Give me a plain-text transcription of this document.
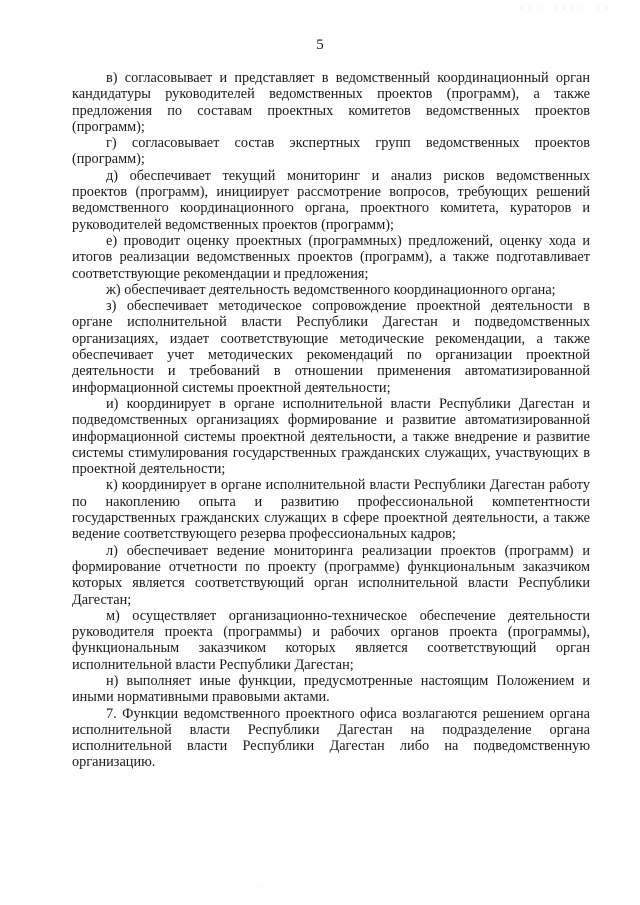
· · ·   · · · ·   · ·
5

в) согласовывает и представляет в ведомственный координационный орган кандидатуры руководителей ведомственных проектов (программ), а также предложения по составам проектных комитетов ведомственных проектов (программ);

г) согласовывает состав экспертных групп ведомственных проектов (программ);

д) обеспечивает текущий мониторинг и анализ рисков ведомственных проектов (программ), инициирует рассмотрение вопросов, требующих решений ведомственного координационного органа, проектного комитета, кураторов и руководителей ведомственных проектов (программ);

е) проводит оценку проектных (программных) предложений, оценку хода и итогов реализации ведомственных проектов (программ), а также подготавливает соответствующие рекомендации и предложения;

ж) обеспечивает деятельность ведомственного координационного органа;

з) обеспечивает методическое сопровождение проектной деятельности в органе исполнительной власти Республики Дагестан и подведомственных организациях, издает соответствующие методические рекомендации, а также обеспечивает учет методических рекомендаций по организации проектной деятельности и требований в отношении применения автоматизированной информационной системы проектной деятельности;

и) координирует в органе исполнительной власти Республики Дагестан и подведомственных организациях формирование и развитие автоматизированной информационной системы проектной деятельности, а также внедрение и развитие системы стимулирования государственных гражданских служащих, участвующих в проектной деятельности;

к) координирует в органе исполнительной власти Республики Дагестан работу по накоплению опыта и развитию профессиональной компетентности государственных гражданских служащих в сфере проектной деятельности, а также ведение соответствующего резерва профессиональных кадров;

л) обеспечивает ведение мониторинга реализации проектов (программ) и формирование отчетности по проекту (программе) функциональным заказчиком которых является соответствующий орган исполнительной власти Республики Дагестан;

м) осуществляет организационно-техническое обеспечение деятельности руководителя проекта (программы) и рабочих органов проекта (программы), функциональным заказчиком которых является соответствующий орган исполнительной власти Республики Дагестан;

н) выполняет иные функции, предусмотренные настоящим Положением и иными нормативными правовыми актами.

7. Функции ведомственного проектного офиса возлагаются решением органа исполнительной власти Республики Дагестан на подразделение органа исполнительной власти Республики Дагестан либо на подведомственную организацию.

·
